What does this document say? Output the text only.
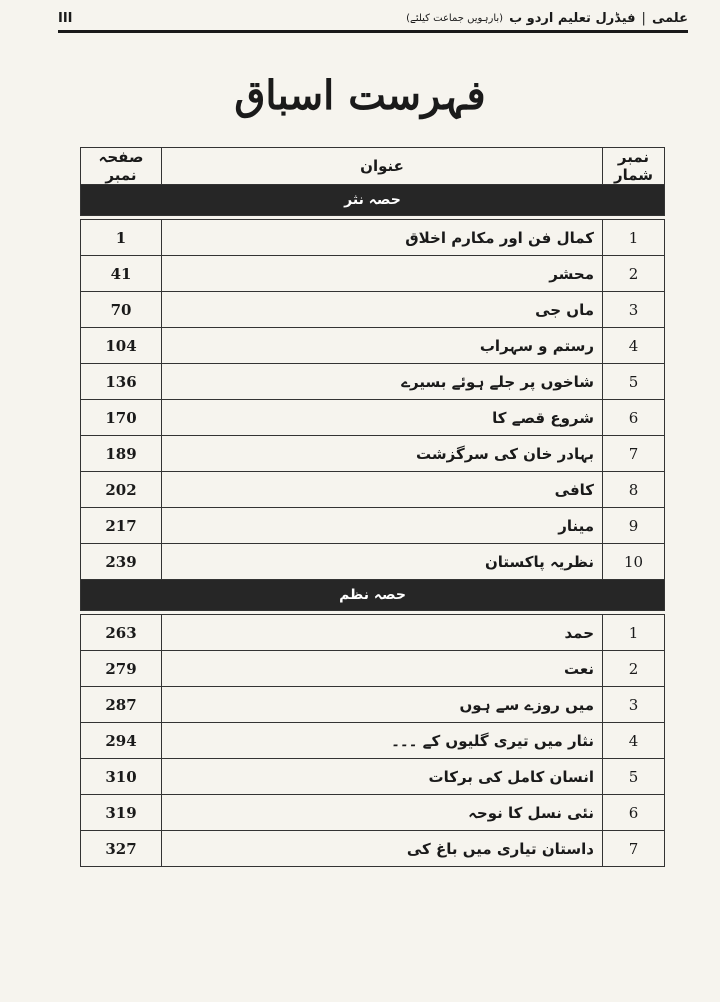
III	علمی
|
فیڈرل تعلیم اردو ب
(بارہویں جماعت کیلئے)
فہرست اسباق
صفحہ نمبر	عنوان	نمبر شمار
حصہ نثر		

1	کمال فن اور مکارم اخلاق	1
41	محشر	2
70	ماں جی	3
104	رستم و سہراب	4
136	شاخوں پر جلے ہوئے بسیرے	5
170	شروع قصے کا	6
189	بہادر خان کی سرگزشت	7
202	کافی	8
217	مینار	9
239	نظریہ پاکستان	10
حصہ نظم		

263	حمد	1
279	نعت	2
287	میں روزے سے ہوں	3
294	نثار میں تیری گلیوں کے ۔۔۔	4
310	انسان کامل کی برکات	5
319	نئی نسل کا نوحہ	6
327	داستان تیاری میں باغ کی	7
